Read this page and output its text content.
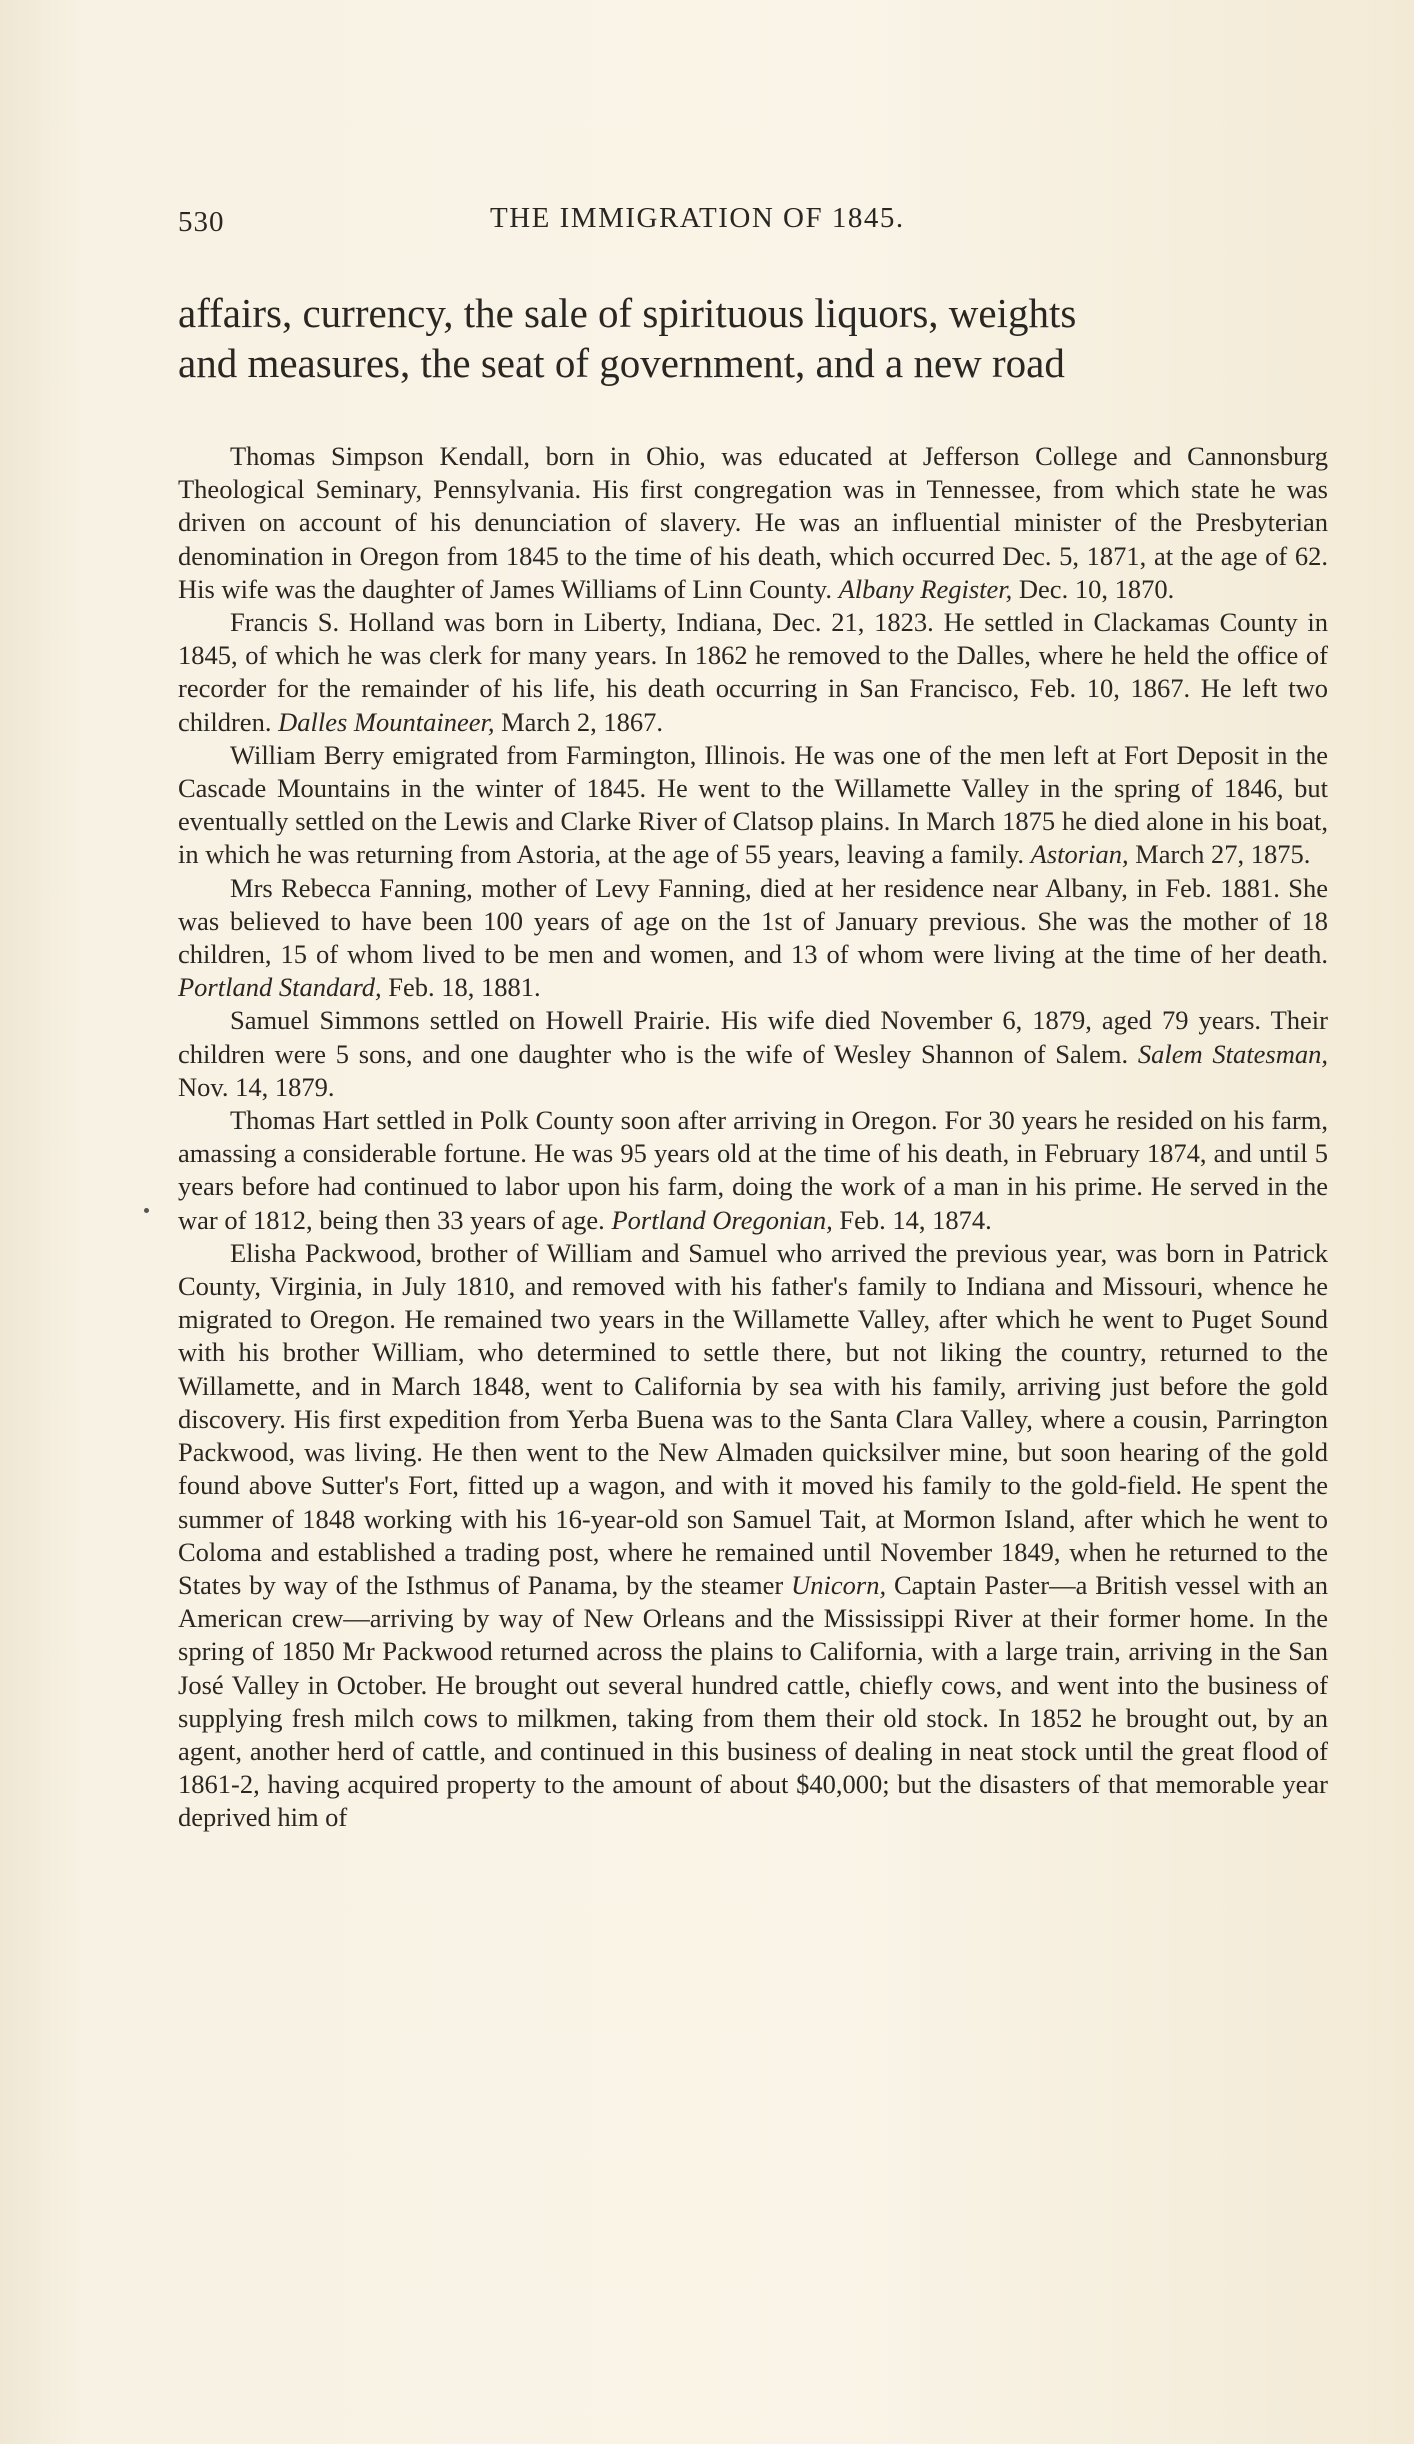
530	THE IMMIGRATION OF 1845.
affairs, currency, the sale of spirituous liquors, weights
and measures, the seat of government, and a new road

Thomas Simpson Kendall, born in Ohio, was educated at Jefferson College and Cannonsburg Theological Seminary, Pennsylvania. His first congregation was in Tennessee, from which state he was driven on account of his denunciation of slavery. He was an influential minister of the Presbyterian denomination in Oregon from 1845 to the time of his death, which occurred Dec. 5, 1871, at the age of 62. His wife was the daughter of James Williams of Linn County. Albany Register, Dec. 10, 1870.

Francis S. Holland was born in Liberty, Indiana, Dec. 21, 1823. He settled in Clackamas County in 1845, of which he was clerk for many years. In 1862 he removed to the Dalles, where he held the office of recorder for the remainder of his life, his death occurring in San Francisco, Feb. 10, 1867. He left two children. Dalles Mountaineer, March 2, 1867.

William Berry emigrated from Farmington, Illinois. He was one of the men left at Fort Deposit in the Cascade Mountains in the winter of 1845. He went to the Willamette Valley in the spring of 1846, but eventually settled on the Lewis and Clarke River of Clatsop plains. In March 1875 he died alone in his boat, in which he was returning from Astoria, at the age of 55 years, leaving a family. Astorian, March 27, 1875.

Mrs Rebecca Fanning, mother of Levy Fanning, died at her residence near Albany, in Feb. 1881. She was believed to have been 100 years of age on the 1st of January previous. She was the mother of 18 children, 15 of whom lived to be men and women, and 13 of whom were living at the time of her death. Portland Standard, Feb. 18, 1881.

Samuel Simmons settled on Howell Prairie. His wife died November 6, 1879, aged 79 years. Their children were 5 sons, and one daughter who is the wife of Wesley Shannon of Salem. Salem Statesman, Nov. 14, 1879.

Thomas Hart settled in Polk County soon after arriving in Oregon. For 30 years he resided on his farm, amassing a considerable fortune. He was 95 years old at the time of his death, in February 1874, and until 5 years before had continued to labor upon his farm, doing the work of a man in his prime. He served in the war of 1812, being then 33 years of age. Portland Oregonian, Feb. 14, 1874.

Elisha Packwood, brother of William and Samuel who arrived the previous year, was born in Patrick County, Virginia, in July 1810, and removed with his father's family to Indiana and Missouri, whence he migrated to Oregon. He remained two years in the Willamette Valley, after which he went to Puget Sound with his brother William, who determined to settle there, but not liking the country, returned to the Willamette, and in March 1848, went to California by sea with his family, arriving just before the gold discovery. His first expedition from Yerba Buena was to the Santa Clara Valley, where a cousin, Parrington Packwood, was living. He then went to the New Almaden quicksilver mine, but soon hearing of the gold found above Sutter's Fort, fitted up a wagon, and with it moved his family to the gold-field. He spent the summer of 1848 working with his 16-year-old son Samuel Tait, at Mormon Island, after which he went to Coloma and established a trading post, where he remained until November 1849, when he returned to the States by way of the Isthmus of Panama, by the steamer Unicorn, Captain Paster—a British vessel with an American crew—arriving by way of New Orleans and the Mississippi River at their former home. In the spring of 1850 Mr Packwood returned across the plains to California, with a large train, arriving in the San José Valley in October. He brought out several hundred cattle, chiefly cows, and went into the business of supplying fresh milch cows to milkmen, taking from them their old stock. In 1852 he brought out, by an agent, another herd of cattle, and continued in this business of dealing in neat stock until the great flood of 1861-2, having acquired property to the amount of about $40,000; but the disasters of that memorable year deprived him of
